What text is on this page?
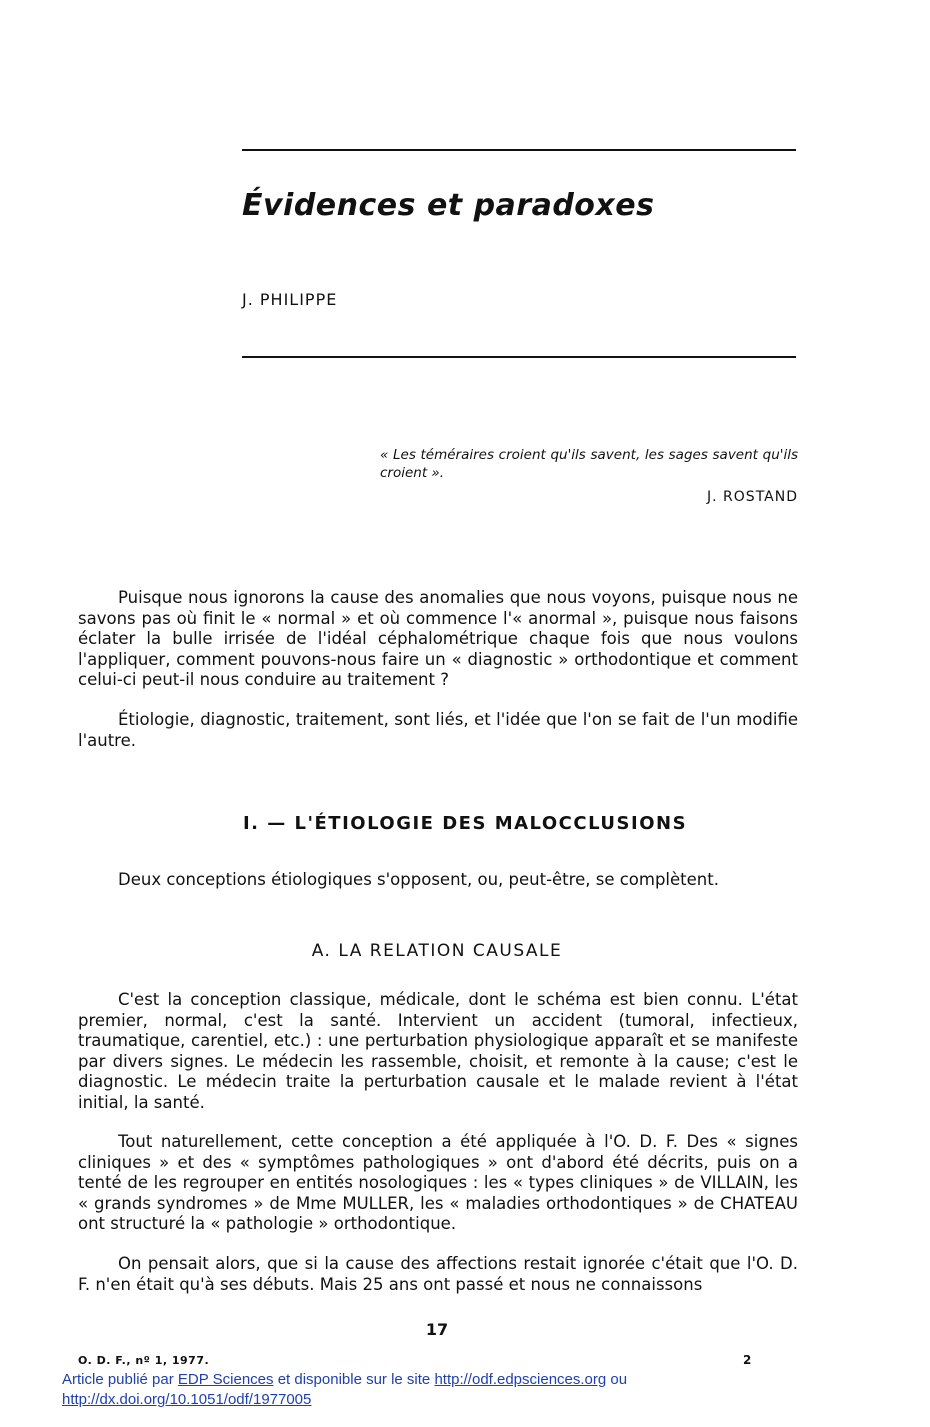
Évidences et paradoxes
J. PHILIPPE
« Les téméraires croient qu'ils savent, les sages savent qu'ils croient ».
J. ROSTAND

Puisque nous ignorons la cause des anomalies que nous voyons, puisque nous ne savons pas où finit le « normal » et où commence l'« anormal », puisque nous faisons éclater la bulle irrisée de l'idéal céphalométrique chaque fois que nous voulons l'appliquer, comment pouvons-nous faire un « diagnostic » orthodontique et comment celui-ci peut-il nous conduire au traitement ?

Étiologie, diagnostic, traitement, sont liés, et l'idée que l'on se fait de l'un modifie l'autre.

I. — L'ÉTIOLOGIE DES MALOCCLUSIONS

Deux conceptions étiologiques s'opposent, ou, peut-être, se complètent.

A. LA RELATION CAUSALE

C'est la conception classique, médicale, dont le schéma est bien connu. L'état premier, normal, c'est la santé. Intervient un accident (tumoral, infectieux, traumatique, carentiel, etc.) : une perturbation physiologique apparaît et se manifeste par divers signes. Le médecin les rassemble, choisit, et remonte à la cause; c'est le diagnostic. Le médecin traite la perturbation causale et le malade revient à l'état initial, la santé.

Tout naturellement, cette conception a été appliquée à l'O. D. F. Des « signes cliniques » et des « symptômes pathologiques » ont d'abord été décrits, puis on a tenté de les regrouper en entités nosologiques : les « types cliniques » de VILLAIN, les « grands syndromes » de Mme MULLER, les « maladies orthodontiques » de CHATEAU ont structuré la « pathologie » orthodontique.

On pensait alors, que si la cause des affections restait ignorée c'était que l'O. D. F. n'en était qu'à ses débuts. Mais 25 ans ont passé et nous ne connaissons

17
O. D. F., nº 1, 1977.	2
Article publié par EDP Sciences et disponible sur le site http://odf.edpsciences.org ou
http://dx.doi.org/10.1051/odf/1977005
